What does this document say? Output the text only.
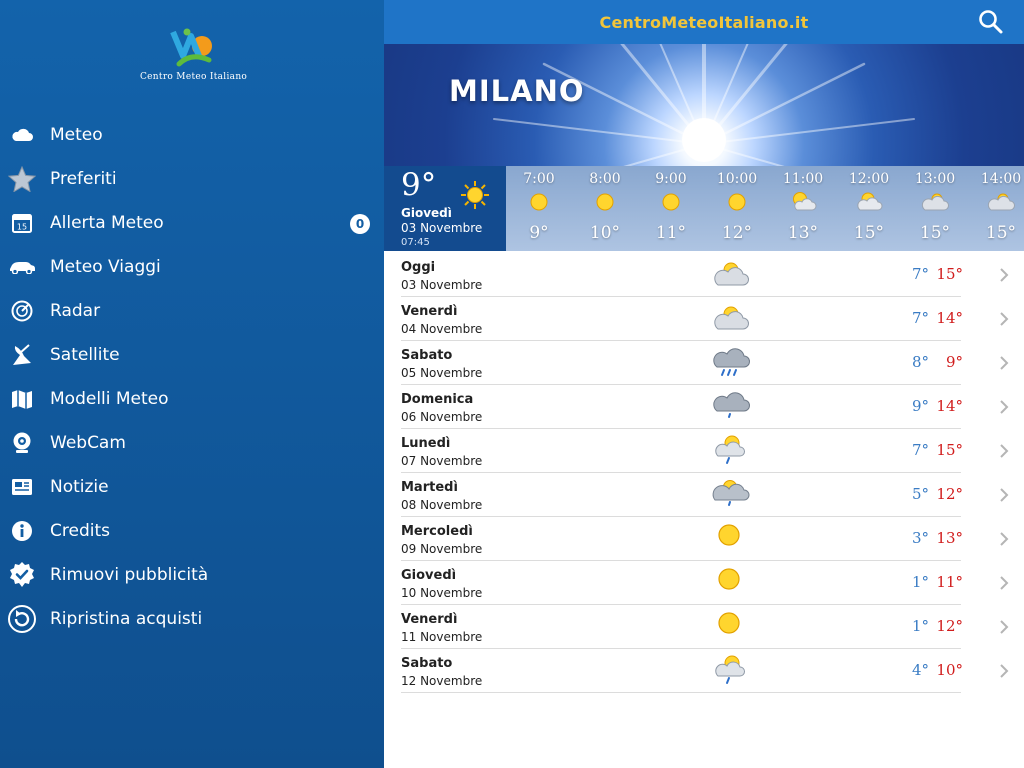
Centro Meteo Italiano
Meteo
Preferiti
15 Allerta Meteo	0
Meteo Viaggi
Radar
Satellite
Modelli Meteo
WebCam
Notizie
Credits
Rimuovi pubblicità
Ripristina acquisti
CentroMeteoItaliano.it
MILANO
9°
Giovedì
03 Novembre
07:45
7:00
9°
8:00
10°
9:00
11°
10:00
12°
11:00
13°
12:00
15°
13:00
15°
14:00
15°
Oggi
03 Novembre
7° 15°
Venerdì
04 Novembre
7° 14°
Sabato
05 Novembre
8°	9°
Domenica
06 Novembre
9° 14°
Lunedì
07 Novembre
7° 15°
Martedì
08 Novembre
5° 12°
Mercoledì
09 Novembre
3° 13°
Giovedì
10 Novembre
1° 11°
Venerdì
11 Novembre
1° 12°
Sabato
12 Novembre
4° 10°
